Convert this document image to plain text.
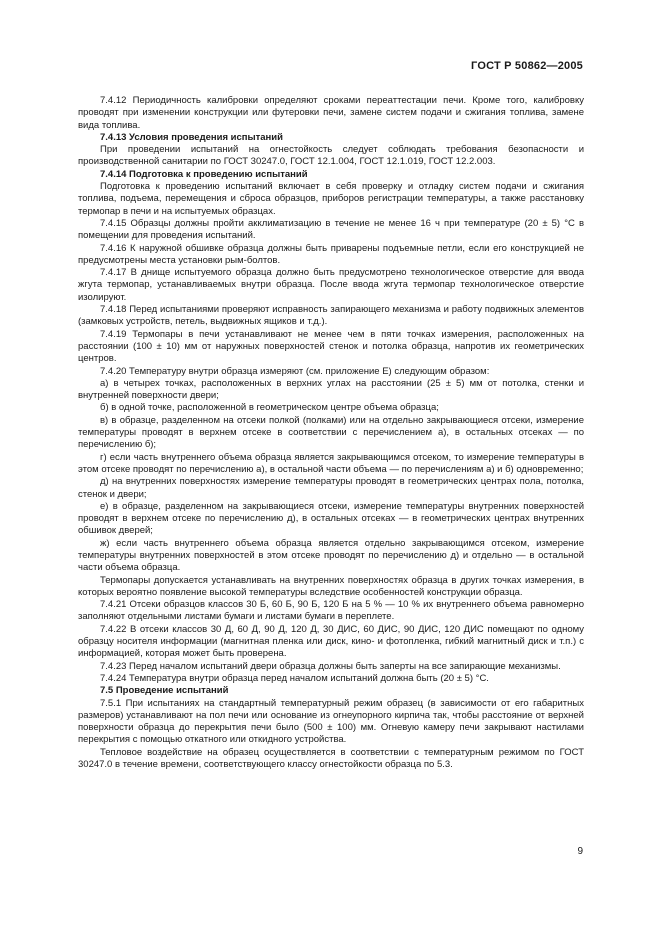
ГОСТ Р 50862—2005

7.4.12 Периодичность калибровки определяют сроками переаттестации печи. Кроме того, калибровку проводят при изменении конструкции или футеровки печи, замене систем подачи и сжигания топлива, замене вида топлива.

7.4.13 Условия проведения испытаний

При проведении испытаний на огнестойкость следует соблюдать требования безопасности и производственной санитарии по ГОСТ 30247.0, ГОСТ 12.1.004, ГОСТ 12.1.019, ГОСТ 12.2.003.

7.4.14 Подготовка к проведению испытаний

Подготовка к проведению испытаний включает в себя проверку и отладку систем подачи и сжигания топлива, подъема, перемещения и сброса образцов, приборов регистрации температуры, а также расстановку термопар в печи и на испытуемых образцах.

7.4.15 Образцы должны пройти акклиматизацию в течение не менее 16 ч при температуре (20 ± 5) °С в помещении для проведения испытаний.

7.4.16 К наружной обшивке образца должны быть приварены подъемные петли, если его конструкцией не предусмотрены места установки рым-болтов.

7.4.17 В днище испытуемого образца должно быть предусмотрено технологическое отверстие для ввода жгута термопар, устанавливаемых внутри образца. После ввода жгута термопар технологическое отверстие изолируют.

7.4.18 Перед испытаниями проверяют исправность запирающего механизма и работу подвижных элементов (замковых устройств, петель, выдвижных ящиков и т.д.).

7.4.19 Термопары в печи устанавливают не менее чем в пяти точках измерения, расположенных на расстоянии (100 ± 10) мм от наружных поверхностей стенок и потолка образца, напротив их геометрических центров.

7.4.20 Температуру внутри образца измеряют (см. приложение Е) следующим образом:

а) в четырех точках, расположенных в верхних углах на расстоянии (25 ± 5) мм от потолка, стенки и внутренней поверхности двери;

б) в одной точке, расположенной в геометрическом центре объема образца;

в) в образце, разделенном на отсеки полкой (полками) или на отдельно закрывающиеся отсеки, измерение температуры проводят в верхнем отсеке в соответствии с перечислением а), в остальных отсеках — по перечислению б);

г) если часть внутреннего объема образца является закрывающимся отсеком, то измерение температуры в этом отсеке проводят по перечислению а), в остальной части объема — по перечислениям а) и б) одновременно;

д) на внутренних поверхностях измерение температуры проводят в геометрических центрах пола, потолка, стенок и двери;

е) в образце, разделенном на закрывающиеся отсеки, измерение температуры внутренних поверхностей проводят в верхнем отсеке по перечислению д), в остальных отсеках — в геометрических центрах внутренних обшивок дверей;

ж) если часть внутреннего объема образца является отдельно закрывающимся отсеком, измерение температуры внутренних поверхностей в этом отсеке проводят по перечислению д) и отдельно — в остальной части объема образца.

Термопары допускается устанавливать на внутренних поверхностях образца в других точках измерения, в которых вероятно появление высокой температуры вследствие особенностей конструкции образца.

7.4.21 Отсеки образцов классов 30 Б, 60 Б, 90 Б, 120 Б на 5 % — 10 % их внутреннего объема равномерно заполняют отдельными листами бумаги и листами бумаги в переплете.

7.4.22 В отсеки классов 30 Д, 60 Д, 90 Д, 120 Д, 30 ДИС, 60 ДИС, 90 ДИС, 120 ДИС помещают по одному образцу носителя информации (магнитная пленка или диск, кино- и фотопленка, гибкий магнитный диск и т.п.) с информацией, которая может быть проверена.

7.4.23 Перед началом испытаний двери образца должны быть заперты на все запирающие механизмы.

7.4.24 Температура внутри образца перед началом испытаний должна быть (20 ± 5) °С.

7.5 Проведение испытаний

7.5.1 При испытаниях на стандартный температурный режим образец (в зависимости от его габаритных размеров) устанавливают на пол печи или основание из огнеупорного кирпича так, чтобы расстояние от верхней поверхности образца до перекрытия печи было (500 ± 100) мм. Огневую камеру печи закрывают настилами перекрытия с помощью откатного или откидного устройства.

Тепловое воздействие на образец осуществляется в соответствии с температурным режимом по ГОСТ 30247.0 в течение времени, соответствующего классу огнестойкости образца по 5.3.

9
